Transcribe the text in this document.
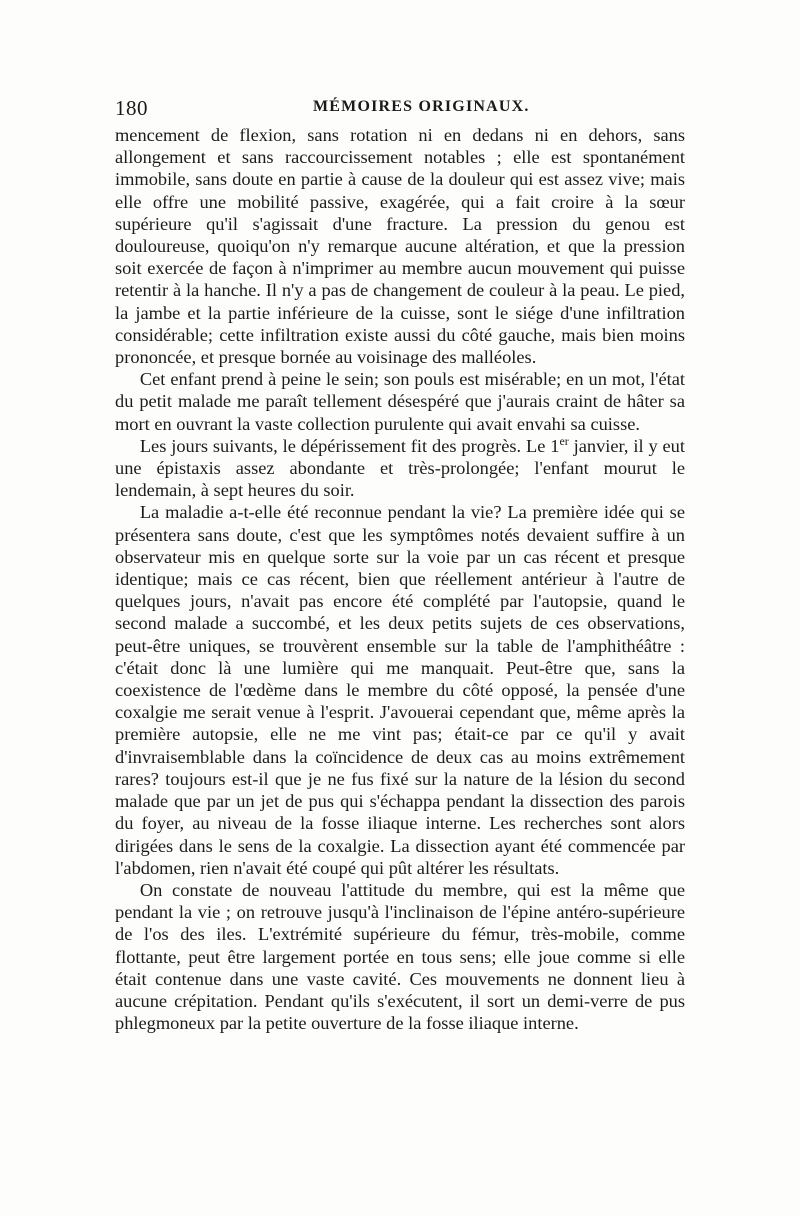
180	MÉMOIRES ORIGINAUX.

mencement de flexion, sans rotation ni en dedans ni en dehors, sans allongement et sans raccourcissement notables ; elle est spontanément immobile, sans doute en partie à cause de la douleur qui est assez vive; mais elle offre une mobilité passive, exagérée, qui a fait croire à la sœur supérieure qu'il s'agissait d'une fracture. La pression du genou est douloureuse, quoiqu'on n'y remarque aucune altération, et que la pression soit exercée de façon à n'imprimer au membre aucun mouvement qui puisse retentir à la hanche. Il n'y a pas de changement de couleur à la peau. Le pied, la jambe et la partie inférieure de la cuisse, sont le siége d'une infiltration considérable; cette infiltration existe aussi du côté gauche, mais bien moins prononcée, et presque bornée au voisinage des malléoles.

Cet enfant prend à peine le sein; son pouls est misérable; en un mot, l'état du petit malade me paraît tellement désespéré que j'aurais craint de hâter sa mort en ouvrant la vaste collection purulente qui avait envahi sa cuisse.

Les jours suivants, le dépérissement fit des progrès. Le 1er janvier, il y eut une épistaxis assez abondante et très-prolongée; l'enfant mourut le lendemain, à sept heures du soir.

La maladie a-t-elle été reconnue pendant la vie? La première idée qui se présentera sans doute, c'est que les symptômes notés devaient suffire à un observateur mis en quelque sorte sur la voie par un cas récent et presque identique; mais ce cas récent, bien que réellement antérieur à l'autre de quelques jours, n'avait pas encore été complété par l'autopsie, quand le second malade a succombé, et les deux petits sujets de ces observations, peut-être uniques, se trouvèrent ensemble sur la table de l'amphithéâtre : c'était donc là une lumière qui me manquait. Peut-être que, sans la coexistence de l'œdème dans le membre du côté opposé, la pensée d'une coxalgie me serait venue à l'esprit. J'avouerai cependant que, même après la première autopsie, elle ne me vint pas; était-ce par ce qu'il y avait d'invraisemblable dans la coïncidence de deux cas au moins extrêmement rares? toujours est-il que je ne fus fixé sur la nature de la lésion du second malade que par un jet de pus qui s'échappa pendant la dissection des parois du foyer, au niveau de la fosse iliaque interne. Les recherches sont alors dirigées dans le sens de la coxalgie. La dissection ayant été commencée par l'abdomen, rien n'avait été coupé qui pût altérer les résultats.

On constate de nouveau l'attitude du membre, qui est la même que pendant la vie ; on retrouve jusqu'à l'inclinaison de l'épine antéro-supérieure de l'os des iles. L'extrémité supérieure du fémur, très-mobile, comme flottante, peut être largement portée en tous sens; elle joue comme si elle était contenue dans une vaste cavité. Ces mouvements ne donnent lieu à aucune crépitation. Pendant qu'ils s'exécutent, il sort un demi-verre de pus phlegmoneux par la petite ouverture de la fosse iliaque interne.
